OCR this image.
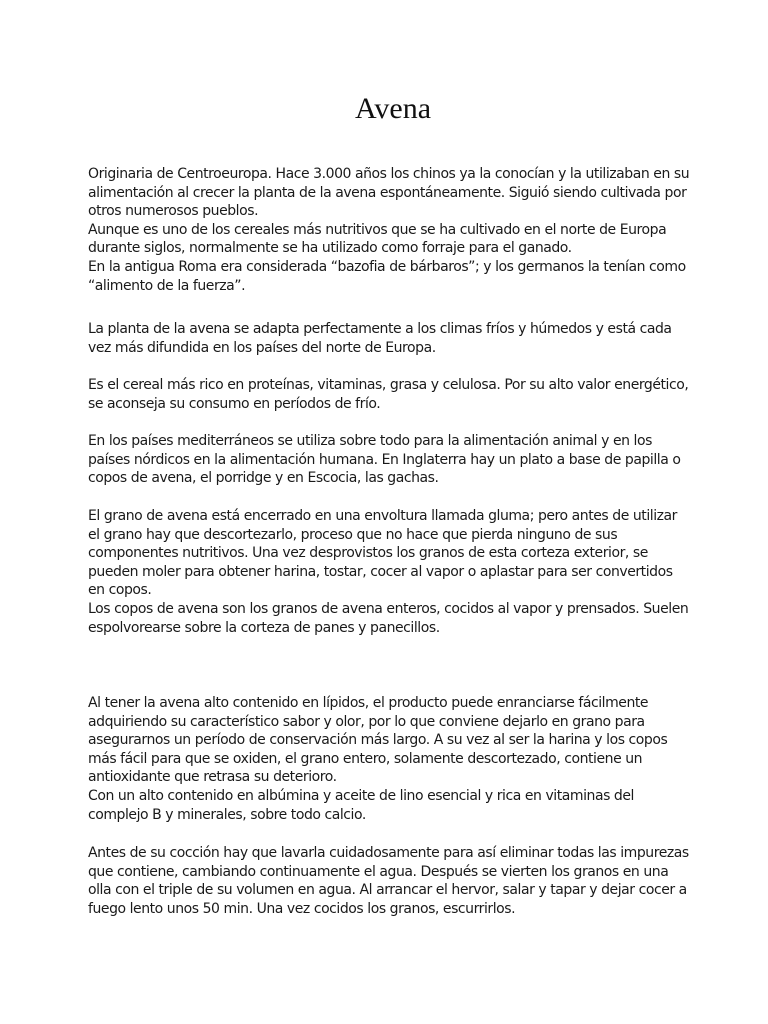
Avena
Originaria de Centroeuropa. Hace 3.000 años los chinos ya la conocían y la utilizaban en su
alimentación al crecer la planta de la avena espontáneamente. Siguió siendo cultivada por
otros numerosos pueblos.
Aunque es uno de los cereales más nutritivos que se ha cultivado en el norte de Europa
durante siglos, normalmente se ha utilizado como forraje para el ganado.
En la antigua Roma era considerada “bazofia de bárbaros”; y los germanos la tenían como
“alimento de la fuerza”.
La planta de la avena se adapta perfectamente a los climas fríos y húmedos y está cada
vez más difundida en los países del norte de Europa.
Es el cereal más rico en proteínas, vitaminas, grasa y celulosa. Por su alto valor energético,
se aconseja su consumo en períodos de frío.
En los países mediterráneos se utiliza sobre todo para la alimentación animal y en los
países nórdicos en la alimentación humana. En Inglaterra hay un plato a base de papilla o
copos de avena, el porridge y en Escocia, las gachas.
El grano de avena está encerrado en una envoltura llamada gluma; pero antes de utilizar
el grano hay que descortezarlo, proceso que no hace que pierda ninguno de sus
componentes nutritivos. Una vez desprovistos los granos de esta corteza exterior, se
pueden moler para obtener harina, tostar, cocer al vapor o aplastar para ser convertidos
en copos.
Los copos de avena son los granos de avena enteros, cocidos al vapor y prensados. Suelen
espolvorearse sobre la corteza de panes y panecillos.
Al tener la avena alto contenido en lípidos, el producto puede enranciarse fácilmente
adquiriendo su característico sabor y olor, por lo que conviene dejarlo en grano para
asegurarnos un período de conservación más largo. A su vez al ser la harina y los copos
más fácil para que se oxiden, el grano entero, solamente descortezado, contiene un
antioxidante que retrasa su deterioro.
Con un alto contenido en albúmina y aceite de lino esencial y rica en vitaminas del
complejo B y minerales, sobre todo calcio.
Antes de su cocción hay que lavarla cuidadosamente para así eliminar todas las impurezas
que contiene, cambiando continuamente el agua. Después se vierten los granos en una
olla con el triple de su volumen en agua. Al arrancar el hervor, salar y tapar y dejar cocer a
fuego lento unos 50 min. Una vez cocidos los granos, escurrirlos.
